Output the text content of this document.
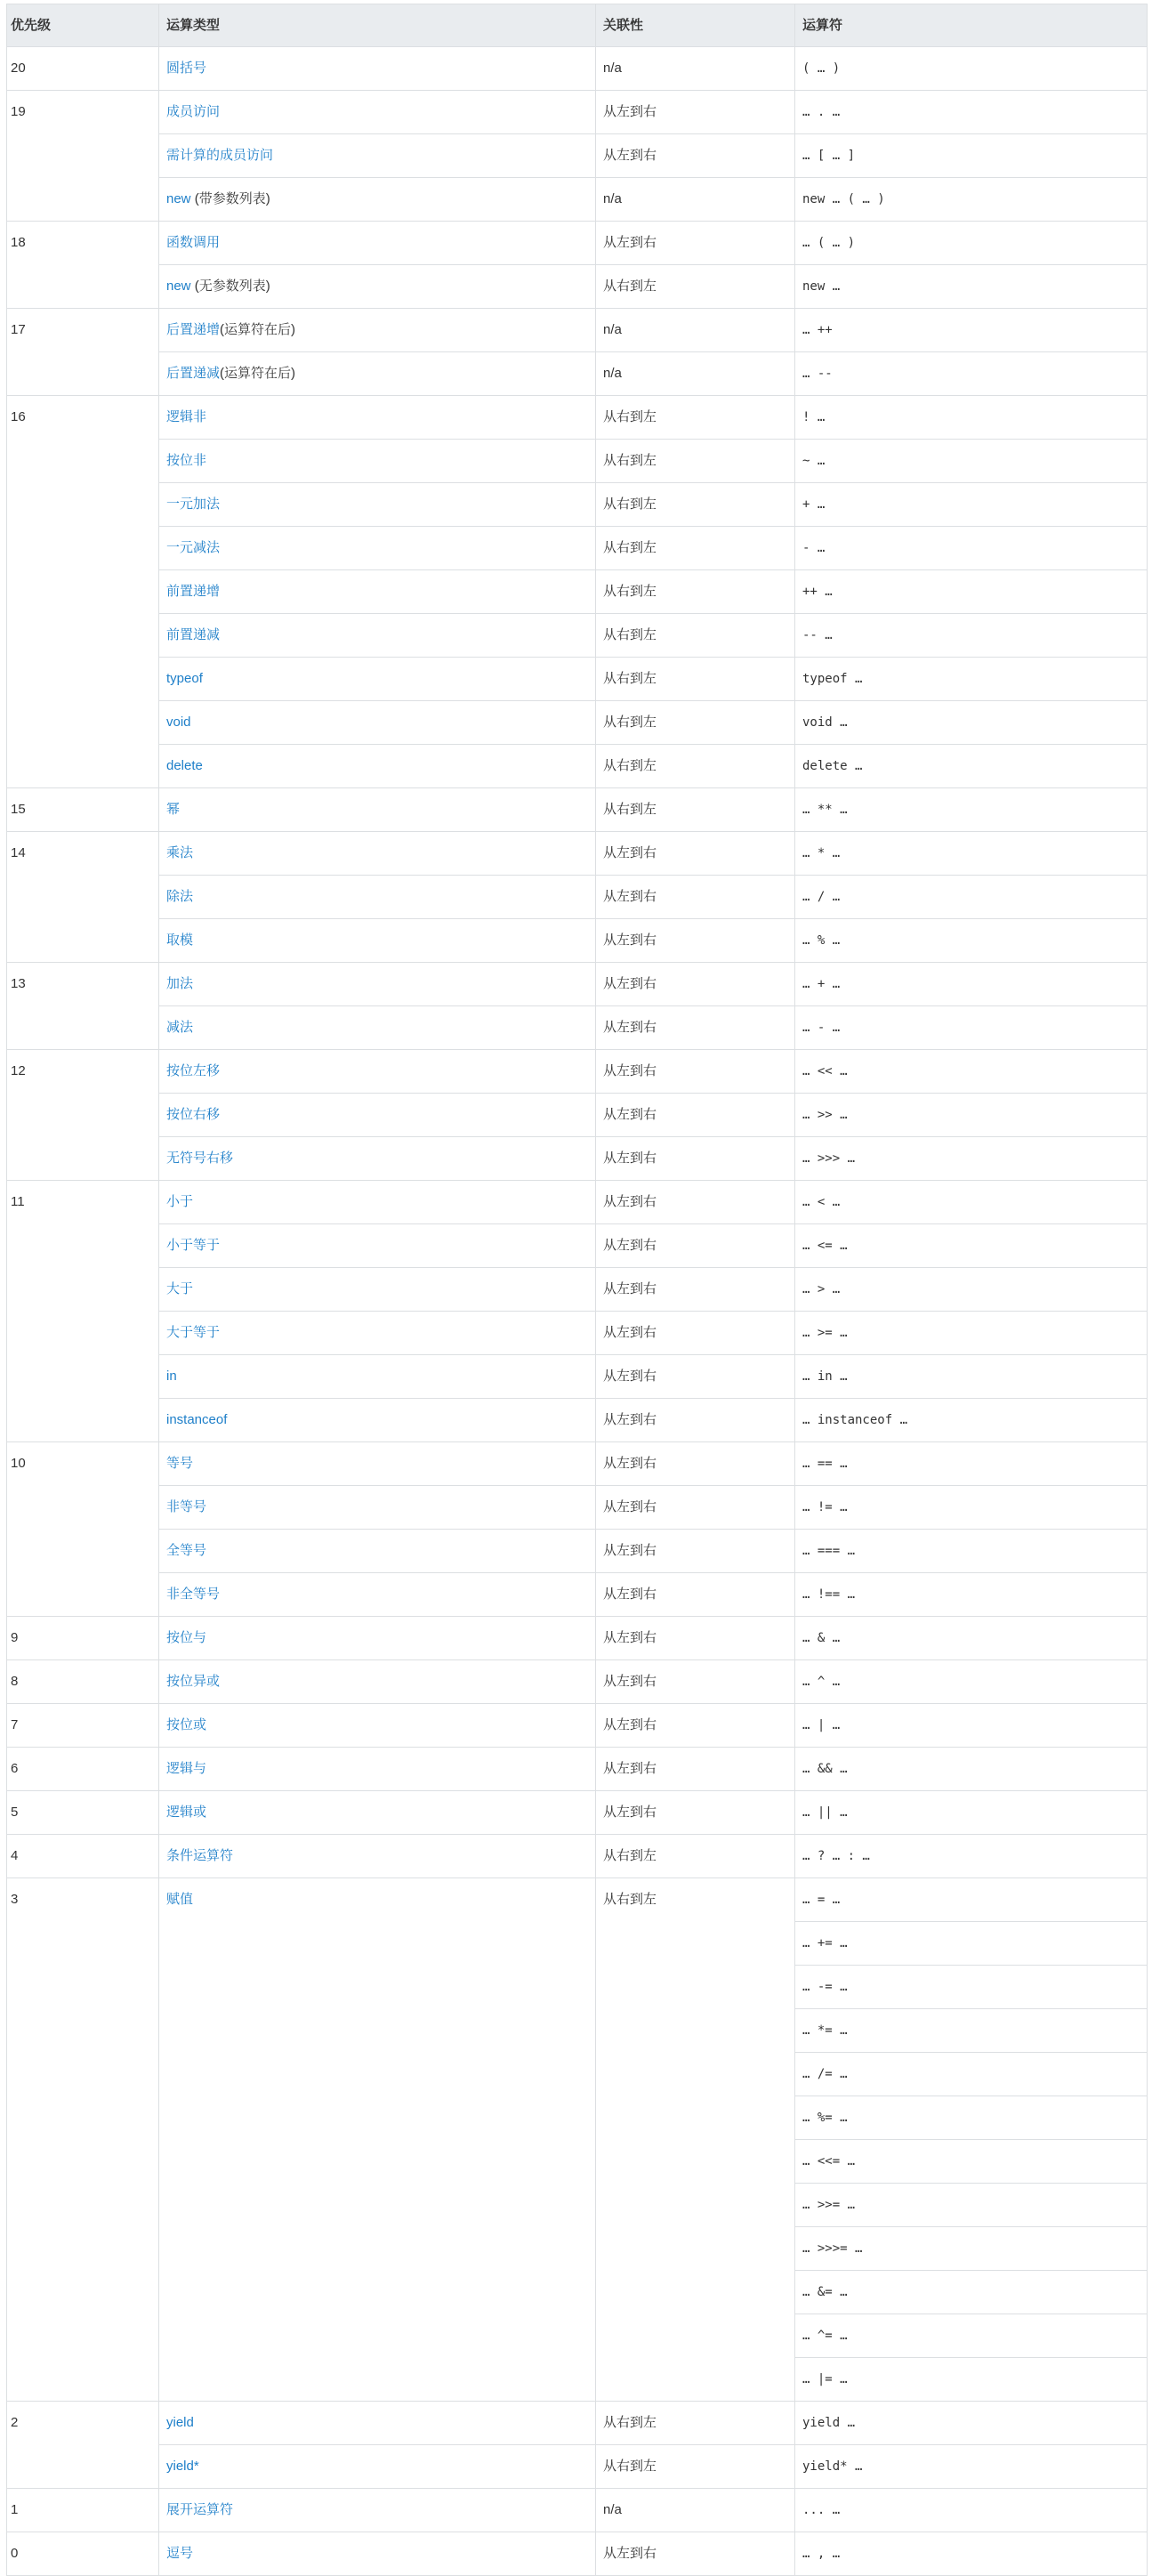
优先级	运算类型	关联性	运算符
20	圆括号	n/a	( … )
19	成员访问	从左到右	… . …
	需计算的成员访问	从左到右	… [ … ]
	new (带参数列表)	n/a	new … ( … )
18	函数调用	从左到右	… ( … )
	new (无参数列表)	从右到左	new …
17	后置递增(运算符在后)	n/a	… ++
	后置递减(运算符在后)	n/a	… --
16	逻辑非	从右到左	! …
	按位非	从右到左	~ …
	一元加法	从右到左	+ …
	一元减法	从右到左	- …
	前置递增	从右到左	++ …
	前置递减	从右到左	-- …
	typeof	从右到左	typeof …
	void	从右到左	void …
	delete	从右到左	delete …
15	幂	从右到左	… ** …
14	乘法	从左到右	… * …
	除法	从左到右	… / …
	取模	从左到右	… % …
13	加法	从左到右	… + …
	减法	从左到右	… - …
12	按位左移	从左到右	… << …
	按位右移	从左到右	… >> …
	无符号右移	从左到右	… >>> …
11	小于	从左到右	… < …
	小于等于	从左到右	… <= …
	大于	从左到右	… > …
	大于等于	从左到右	… >= …
	in	从左到右	… in …
	instanceof	从左到右	… instanceof …
10	等号	从左到右	… == …
	非等号	从左到右	… != …
	全等号	从左到右	… === …
	非全等号	从左到右	… !== …
9	按位与	从左到右	… & …
8	按位异或	从左到右	… ^ …
7	按位或	从左到右	… | …
6	逻辑与	从左到右	… && …
5	逻辑或	从左到右	… || …
4	条件运算符	从右到左	… ? … : …
3	赋值	从右到左	… = …
			… += …
			… -= …
			… *= …
			… /= …
			… %= …
			… <<= …
			… >>= …
			… >>>= …
			… &= …
			… ^= …
			… |= …
2	yield	从右到左	yield …
	yield*	从右到左	yield* …
1	展开运算符	n/a	... …
0	逗号	从左到右	… , …
